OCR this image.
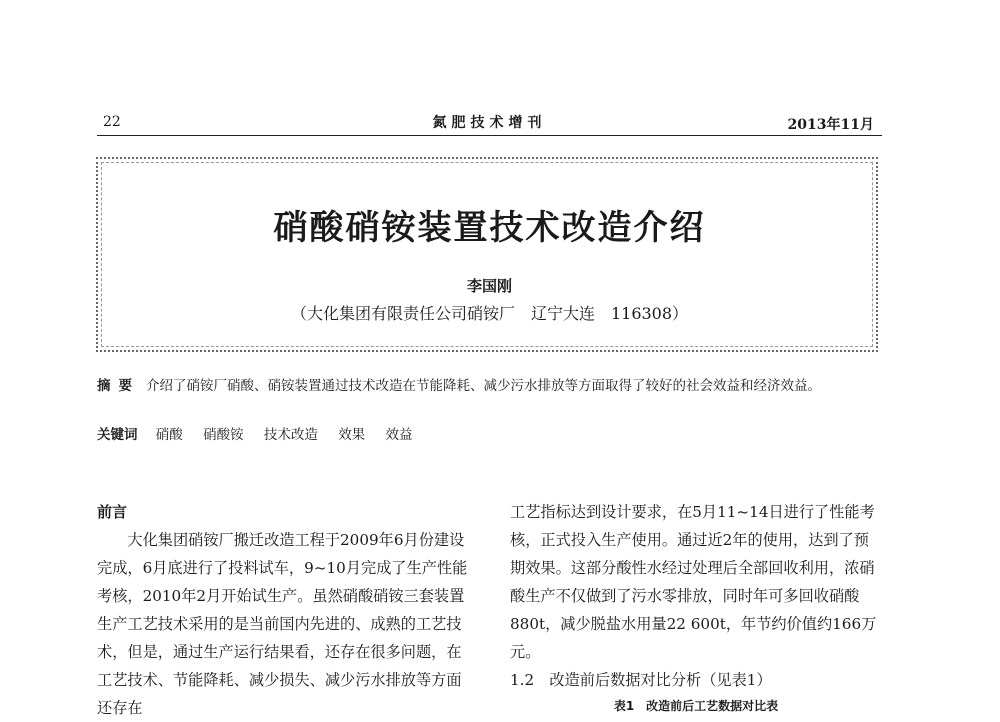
22	氮肥技术增刊	2013年11月
硝酸硝铵装置技术改造介绍
李国刚
（大化集团有限责任公司硝铵厂　辽宁大连　116308）
摘要 介绍了硝铵厂硝酸、硝铵装置通过技术改造在节能降耗、减少污水排放等方面取得了较好的社会效益和经济效益。
关键词 硝酸 硝酸铵 技术改造 效果 效益

前言

大化集团硝铵厂搬迁改造工程于2009年6月份建设完成，6月底进行了投料试车，9~10月完成了生产性能考核，2010年2月开始试生产。虽然硝酸硝铵三套装置生产工艺技术采用的是当前国内先进的、成熟的工艺技术，但是，通过生产运行结果看，还存在很多问题，在工艺技术、节能降耗、减少损失、减少污水排放等方面还存在

工艺指标达到设计要求，在5月11~14日进行了性能考核，正式投入生产使用。通过近2年的使用，达到了预期效果。这部分酸性水经过处理后全部回收利用，浓硝酸生产不仅做到了污水零排放，同时年可多回收硝酸880t，减少脱盐水用量22 600t，年节约价值约166万元。

1.2　改造前后数据对比分析（见表1）

表1　改造前后工艺数据对比表
